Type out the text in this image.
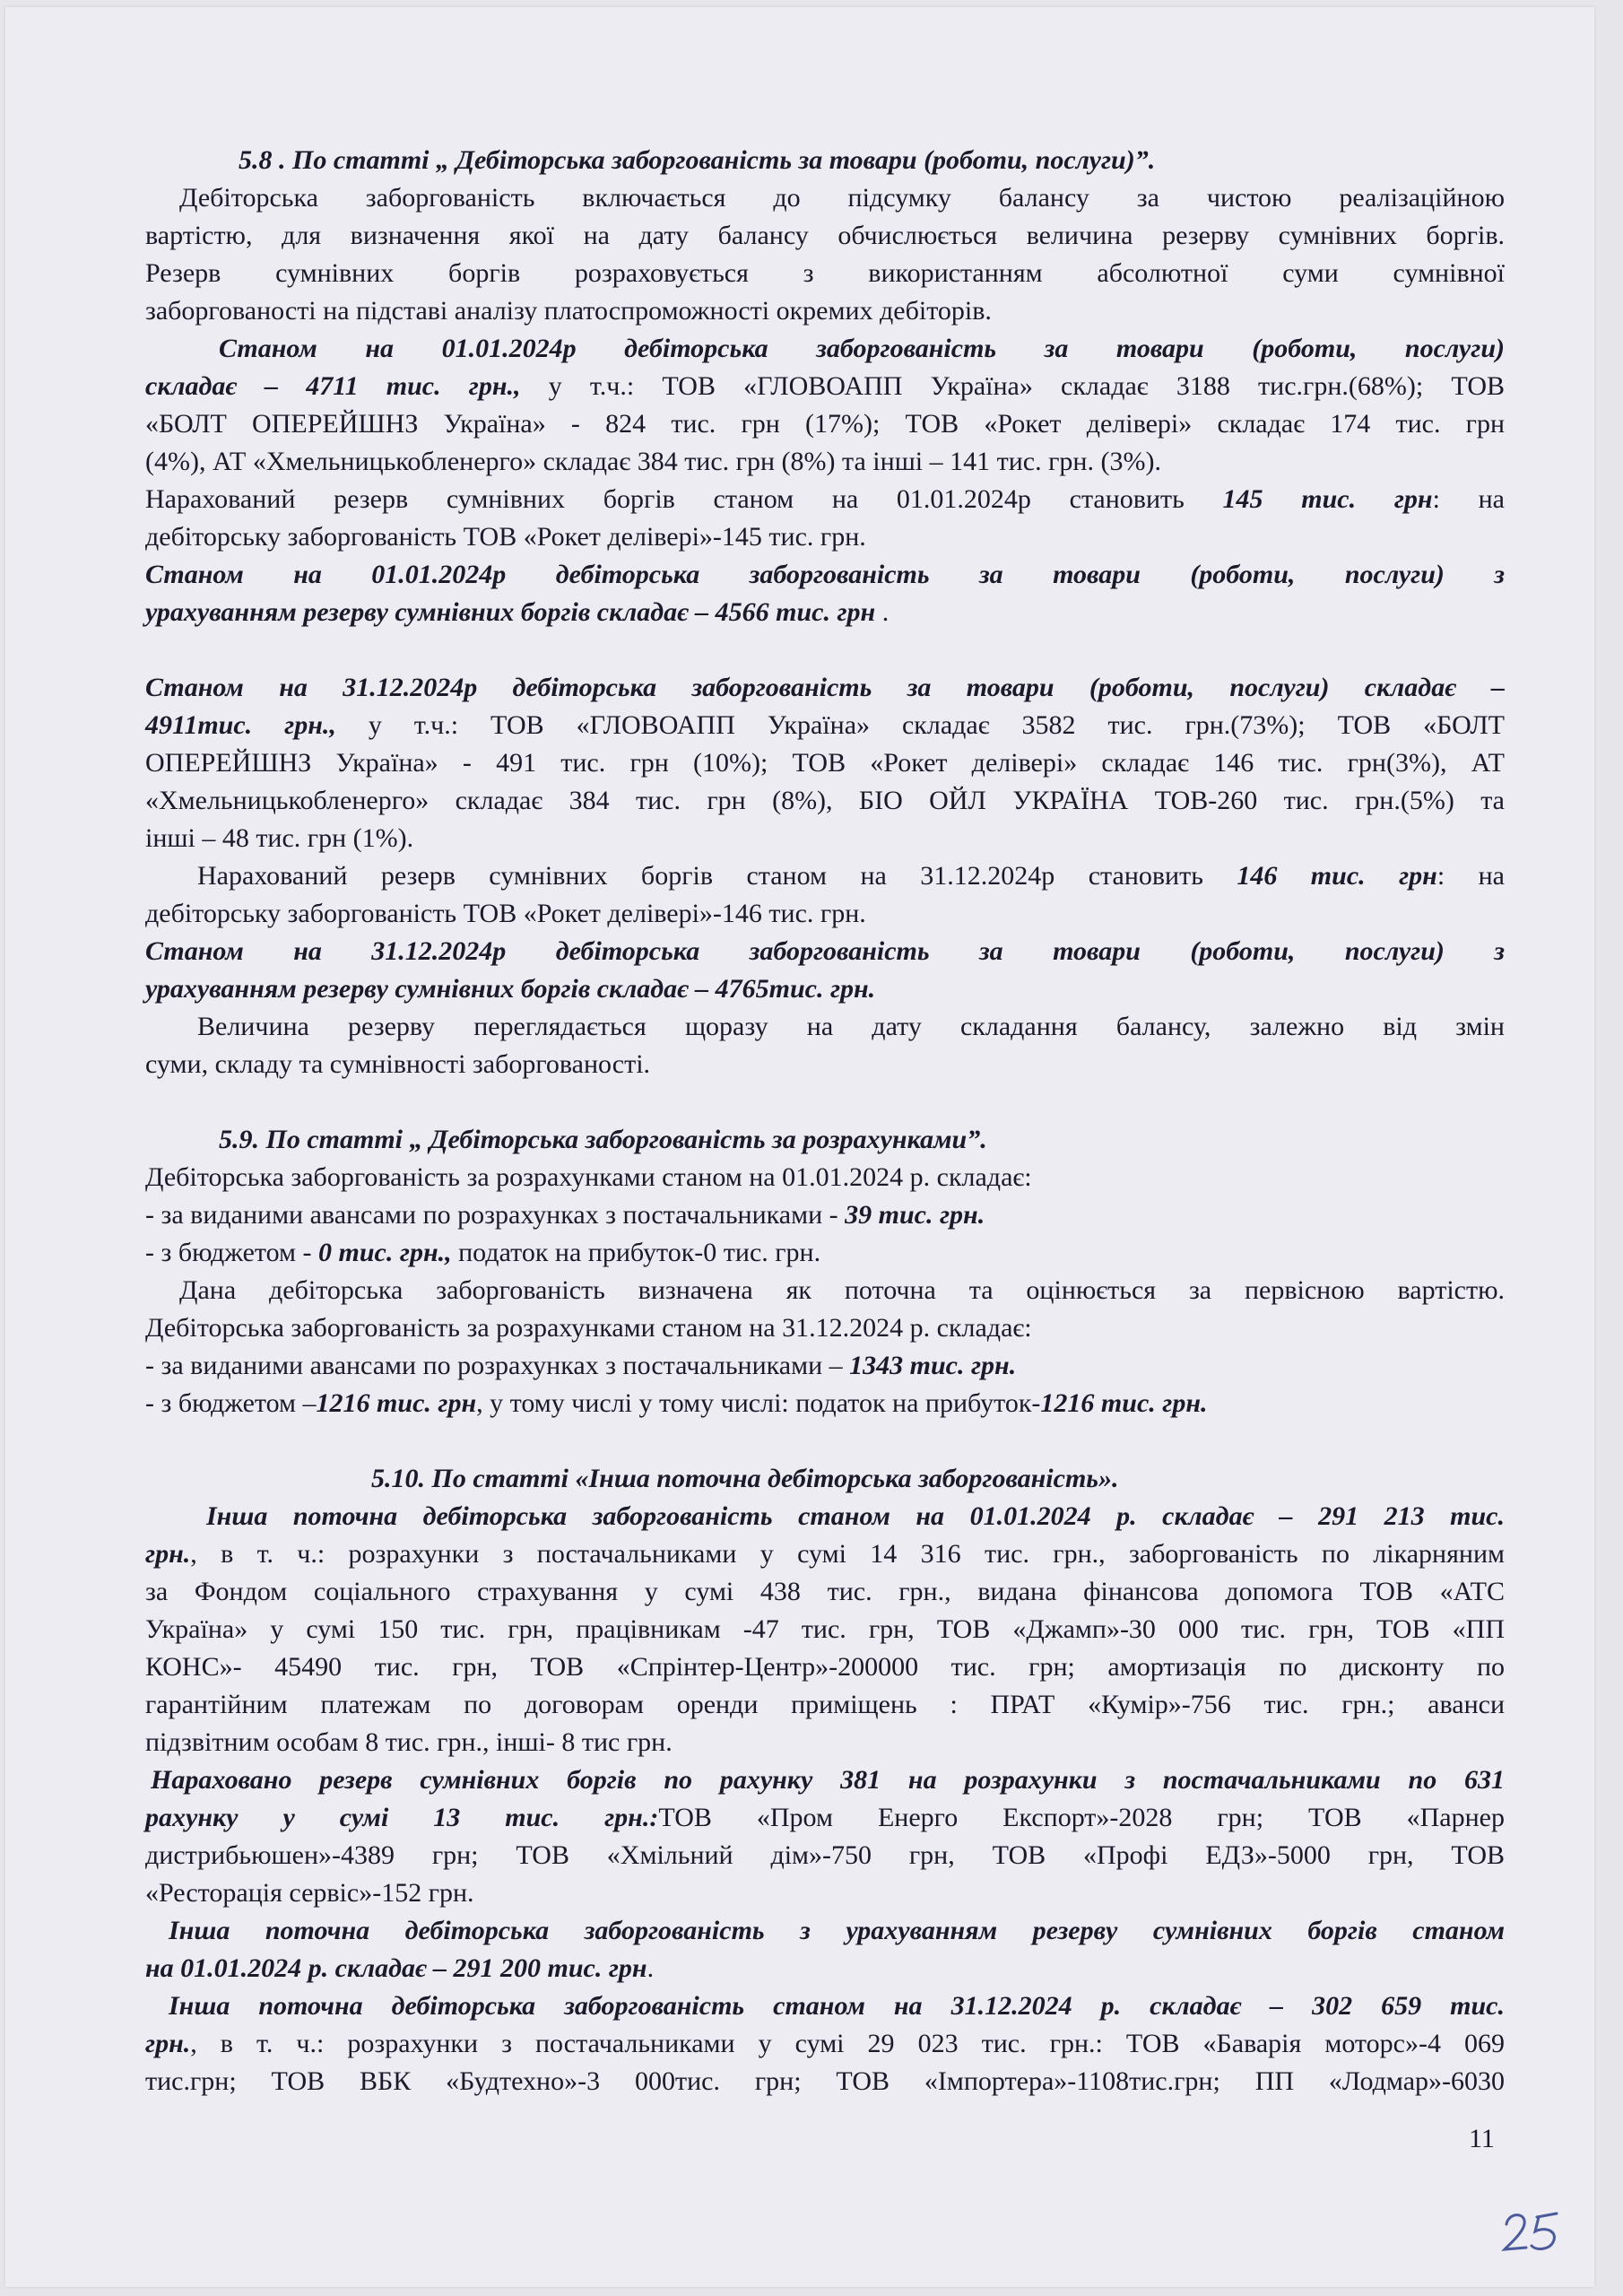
5.8 . По статті „ Дебіторська заборгованість за товари (роботи, послуги)”.
Дебіторська заборгованість включається до підсумку балансу за чистою реалізаційною
вартістю, для визначення якої на дату балансу обчислюється величина резерву сумнівних боргів.
Резерв сумнівних боргів розраховується з використанням абсолютної суми сумнівної
заборгованості на підставі аналізу платоспроможності окремих дебіторів.
Станом на 01.01.2024р дебіторська заборгованість за товари (роботи, послуги)
складає – 4711 тис. грн., у т.ч.: ТОВ «ГЛОВОАПП Україна» складає 3188 тис.грн.(68%); ТОВ
«БОЛТ ОПЕРЕЙШНЗ Україна» - 824 тис. грн (17%); ТОВ «Рокет делівері» складає 174 тис. грн
(4%), АТ «Хмельницькобленерго» складає 384 тис. грн (8%) та інші – 141 тис. грн. (3%).
Нарахований резерв сумнівних боргів станом на 01.01.2024р становить 145 тис. грн: на
дебіторську заборгованість ТОВ «Рокет делівері»-145 тис. грн.
Станом на 01.01.2024р дебіторська заборгованість за товари (роботи, послуги) з
урахуванням резерву сумнівних боргів складає – 4566 тис. грн .

Станом на 31.12.2024р дебіторська заборгованість за товари (роботи, послуги) складає –
4911тис. грн., у т.ч.: ТОВ «ГЛОВОАПП Україна» складає 3582 тис. грн.(73%); ТОВ «БОЛТ
ОПЕРЕЙШНЗ Україна» - 491 тис. грн (10%); ТОВ «Рокет делівері» складає 146 тис. грн(3%), АТ
«Хмельницькобленерго» складає 384 тис. грн (8%), БІО ОЙЛ УКРАЇНА ТОВ-260 тис. грн.(5%) та
інші – 48 тис. грн (1%).
Нарахований резерв сумнівних боргів станом на 31.12.2024р становить 146 тис. грн: на
дебіторську заборгованість ТОВ «Рокет делівері»-146 тис. грн.
Станом на 31.12.2024р дебіторська заборгованість за товари (роботи, послуги) з
урахуванням резерву сумнівних боргів складає – 4765тис. грн.
Величина резерву переглядається щоразу на дату складання балансу, залежно від змін
суми, складу та сумнівності заборгованості.

5.9. По статті „ Дебіторська заборгованість за розрахунками”.
Дебіторська заборгованість за розрахунками станом на 01.01.2024 р. складає:
- за виданими авансами по розрахунках з постачальниками - 39 тис. грн.
- з бюджетом - 0 тис. грн., податок на прибуток-0 тис. грн.
Дана дебіторська заборгованість визначена як поточна та оцінюється за первісною вартістю.
Дебіторська заборгованість за розрахунками станом на 31.12.2024 р. складає:
- за виданими авансами по розрахунках з постачальниками – 1343 тис. грн.
- з бюджетом –1216 тис. грн, у тому числі у тому числі: податок на прибуток-1216 тис. грн.

5.10. По статті «Інша поточна дебіторська заборгованість».
Інша поточна дебіторська заборгованість станом на 01.01.2024 р. складає – 291 213 тис.
грн., в т. ч.: розрахунки з постачальниками у сумі 14 316 тис. грн., заборгованість по лікарняним
за Фондом соціального страхування у сумі 438 тис. грн., видана фінансова допомога ТОВ «АТС
Україна» у сумі 150 тис. грн, працівникам -47 тис. грн, ТОВ «Джамп»-30 000 тис. грн, ТОВ «ПП
КОНС»- 45490 тис. грн, ТОВ «Спрінтер-Центр»-200000 тис. грн; амортизація по дисконту по
гарантійним платежам по договорам оренди приміщень : ПРАТ «Кумір»-756 тис. грн.; аванси
підзвітним особам 8 тис. грн., інші- 8 тис грн.
Нараховано резерв сумнівних боргів по рахунку 381 на розрахунки з постачальниками по 631
рахунку у сумі 13 тис. грн.:ТОВ «Пром Енерго Експорт»-2028 грн; ТОВ «Парнер
дистрибьюшен»-4389 грн; ТОВ «Хмільний дім»-750 грн, ТОВ «Профі ЕДЗ»-5000 грн, ТОВ
«Ресторація сервіс»-152 грн.
Інша поточна дебіторська заборгованість з урахуванням резерву сумнівних боргів станом
на 01.01.2024 р. складає – 291 200 тис. грн.
Інша поточна дебіторська заборгованість станом на 31.12.2024 р. складає – 302 659 тис.
грн., в т. ч.: розрахунки з постачальниками у сумі 29 023 тис. грн.: ТОВ «Баварія моторс»-4 069
тис.грн; ТОВ ВБК «Будтехно»-3 000тис. грн; ТОВ «Імпортера»-1108тис.грн; ПП «Лодмар»-6030
11
